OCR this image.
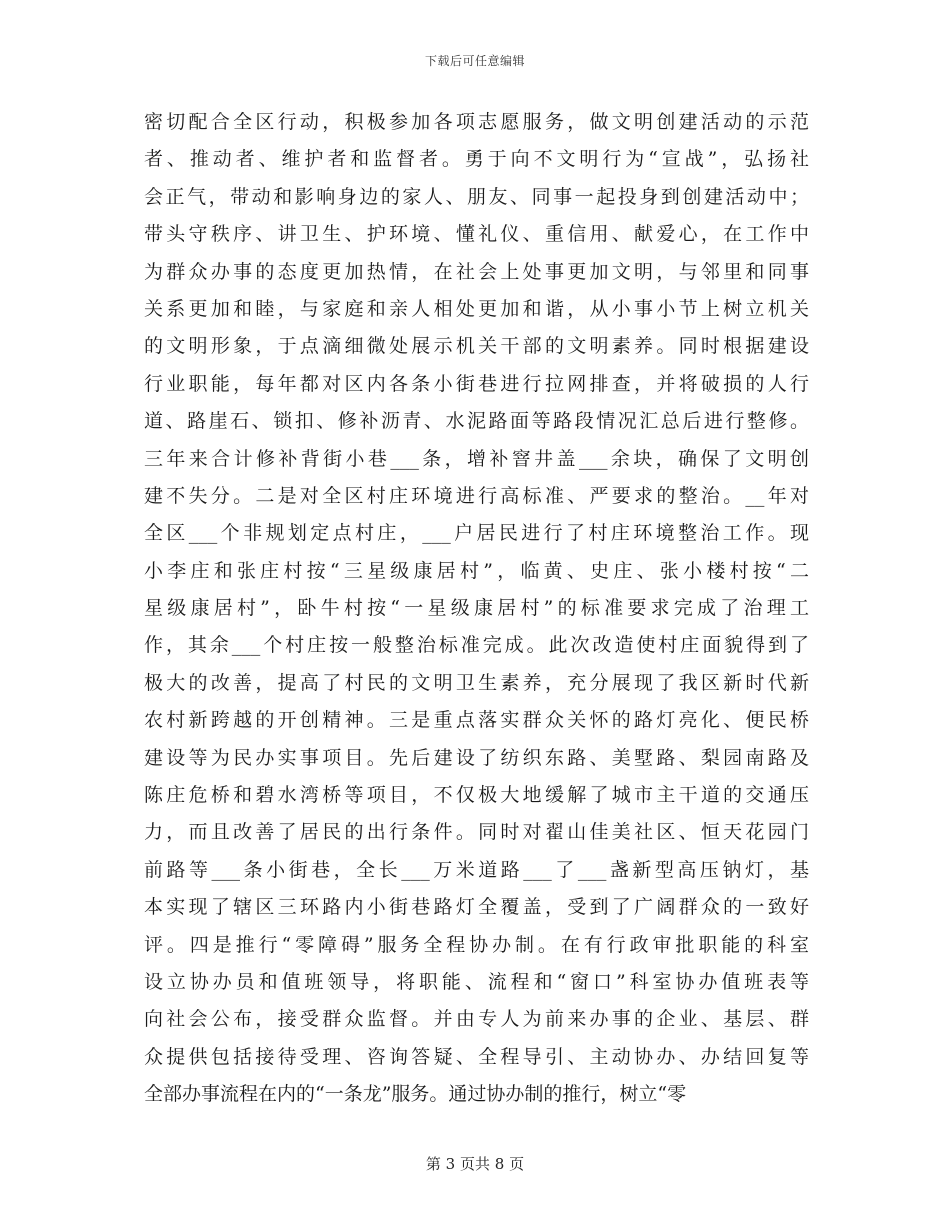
下载后可任意编辑
密切配合全区行动，积极参加各项志愿服务，做文明创建活动的示范
者、推动者、维护者和监督者。勇于向不文明行为“宣战”，弘扬社
会正气，带动和影响身边的家人、朋友、同事一起投身到创建活动中；
带头守秩序、讲卫生、护环境、懂礼仪、重信用、献爱心，在工作中
为群众办事的态度更加热情，在社会上处事更加文明，与邻里和同事
关系更加和睦，与家庭和亲人相处更加和谐，从小事小节上树立机关
的文明形象，于点滴细微处展示机关干部的文明素养。同时根据建设
行业职能，每年都对区内各条小街巷进行拉网排查，并将破损的人行
道、路崖石、锁扣、修补沥青、水泥路面等路段情况汇总后进行整修。
三年来合计修补背街小巷___条，增补窨井盖___余块，确保了文明创
建不失分。二是对全区村庄环境进行高标准、严要求的整治。__年对
全区___个非规划定点村庄，___户居民进行了村庄环境整治工作。现
小李庄和张庄村按“三星级康居村”，临黄、史庄、张小楼村按“二
星级康居村”，卧牛村按“一星级康居村”的标准要求完成了治理工
作，其余___个村庄按一般整治标准完成。此次改造使村庄面貌得到了
极大的改善，提高了村民的文明卫生素养，充分展现了我区新时代新
农村新跨越的开创精神。三是重点落实群众关怀的路灯亮化、便民桥
建设等为民办实事项目。先后建设了纺织东路、美墅路、梨园南路及
陈庄危桥和碧水湾桥等项目，不仅极大地缓解了城市主干道的交通压
力，而且改善了居民的出行条件。同时对翟山佳美社区、恒天花园门
前路等___条小街巷，全长___万米道路___了___盏新型高压钠灯，基
本实现了辖区三环路内小街巷路灯全覆盖，受到了广阔群众的一致好
评。四是推行“零障碍”服务全程协办制。在有行政审批职能的科室
设立协办员和值班领导，将职能、流程和“窗口”科室协办值班表等
向社会公布，接受群众监督。并由专人为前来办事的企业、基层、群
众提供包括接待受理、咨询答疑、全程导引、主动协办、办结回复等
全部办事流程在内的“一条龙”服务。通过协办制的推行，树立“零
第 3 页共 8 页
